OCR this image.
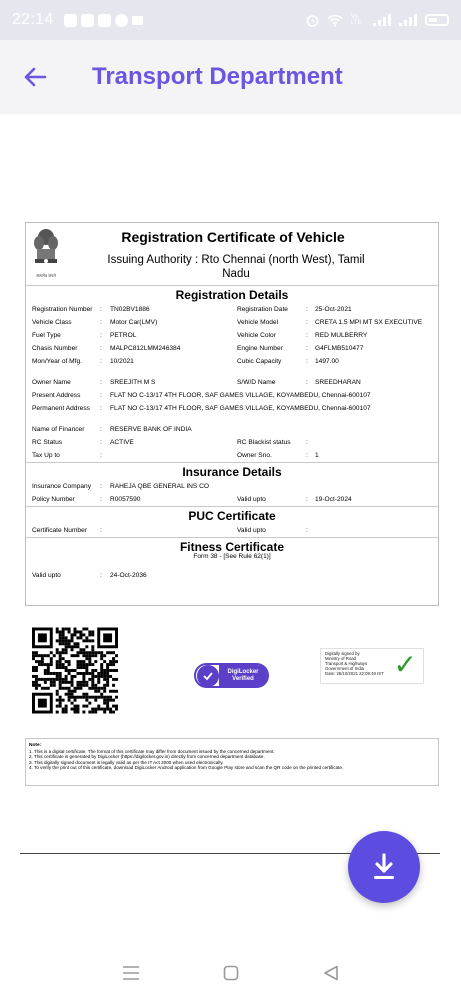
22:14	Vo LTE
Transport Department
सत्यमेव जयते
Registration Certificate of Vehicle
Issuing Authority : Rto Chennai (north West), Tamil Nadu
Registration Details
Registration Number : TN02BV1886	Registration Date	: 25-Oct-2021
Vehicle Class	: Motor Car(LMV)	Vehicle Model	: CRETA 1.5 MPI MT SX EXECUTIVE
Fuel Type	: PETROL	Vehicle Color	: RED MULBERRY
Chasis Number	: MALPC812LMM246384	Engine Number	: G4FLMB510477
Mon/Year of Mfg.	: 10/2021	Cubic Capacity	: 1497.00
Owner Name	: SREEJITH M S	S/W/D Name	: SREEDHARAN
Present Address	: FLAT NO C-13/17 4TH FLOOR, SAF GAMES VILLAGE, KOYAMBEDU, Chennai-600107
Permanent Address : FLAT NO C-13/17 4TH FLOOR, SAF GAMES VILLAGE, KOYAMBEDU, Chennai-600107
Name of Financer : RESERVE BANK OF INDIA
RC Status	: ACTIVE	RC Blackist status :
Tax Up to	:	Owner Sno.	: 1
Insurance Details
Insurance Company : RAHEJA QBE GENERAL INS CO
Policy Number	: R0057590	Valid upto	: 19-Oct-2024
PUC Certificate
Certificate Number :	Valid upto	:
Fitness Certificate
Form 38 - [See Rule 62(1)]
Valid upto	: 24-Oct-2036
DigiLocker
Verified
Digitally signed by
Ministry of Road
Transport & Highways
Government of India
Date: 25/10/2021 22:09:49 IST ✓
Note:
1. This is a digital certificate. The format of this certificate may differ from document issued by the concerned department.
2. This certificate is generated by DigiLocker (https://digilocker.gov.in) directly from concerned department database.
3. This digitally signed document is legally valid as per the IT Act 2000 when used electronically.
4. To verify the print out of this certificate, download DigiLocker Android application from Google Play store and scan the QR code on the printed certificate.
